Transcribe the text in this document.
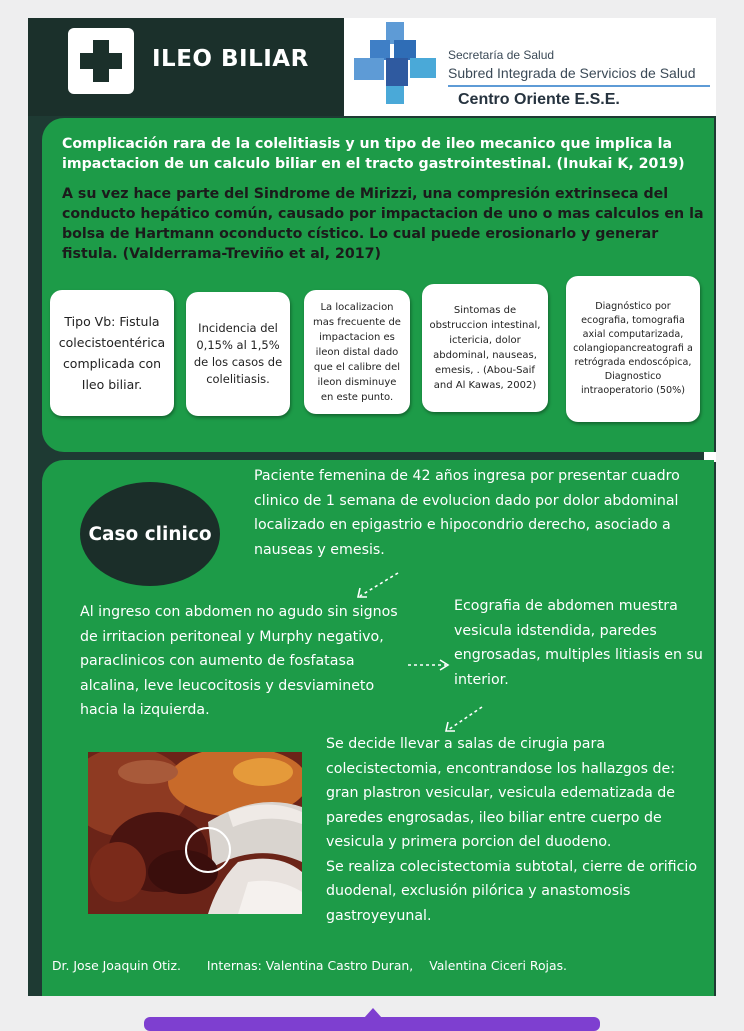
ILEO BILIAR	Secretaría de Salud
Subred Integrada de Servicios de Salud
Centro Oriente E.S.E.
Complicación rara de la colelitiasis y un tipo de ileo mecanico que implica la impactacion de un calculo biliar en el tracto gastrointestinal. (Inukai K, 2019)
A su vez hace parte del Sindrome de Mirizzi, una compresión extrinseca del conducto hepático común, causado por impactacion de uno o mas calculos en la bolsa de Hartmann oconducto cístico. Lo cual puede erosionarlo y generar fistula. (Valderrama-Treviño et al, 2017)
Tipo Vb: Fistula colecistoentérica complicada con Ileo biliar.
Incidencia del 0,15% al 1,5% de los casos de colelitiasis.
La localizacion mas frecuente de impactacion es ileon distal dado que el calibre del ileon disminuye en este punto.
Sintomas de obstruccion intestinal, ictericia, dolor abdominal, nauseas, emesis, . (Abou-Saif and Al Kawas, 2002)
Diagnóstico por ecografia, tomografia axial computarizada, colangiopancreatografi a retrógrada endoscópica, Diagnostico intraoperatorio (50%)
Caso clinico
Paciente femenina de 42 años ingresa por presentar cuadro clinico de 1 semana de evolucion dado por dolor abdominal localizado en epigastrio e hipocondrio derecho, asociado a nauseas y emesis.
Al ingreso con abdomen no agudo sin signos de irritacion peritoneal y Murphy negativo, paraclinicos con aumento de fosfatasa alcalina, leve leucocitosis y desviamineto hacia la izquierda.
Ecografia de abdomen muestra vesicula idstendida, paredes engrosadas, multiples litiasis en su interior.
Se decide llevar a salas de cirugia para colecistectomia, encontrandose los hallazgos de: gran plastron vesicular, vesicula edematizada de paredes engrosadas, ileo biliar entre cuerpo de vesicula y primera porcion del duodeno.
Se realiza colecistectomia subtotal, cierre de orificio duodenal, exclusión pilórica y anastomosis gastroyeyunal.
Dr. Jose Joaquin Otiz. Internas: Valentina Castro Duran, Valentina Ciceri Rojas.
